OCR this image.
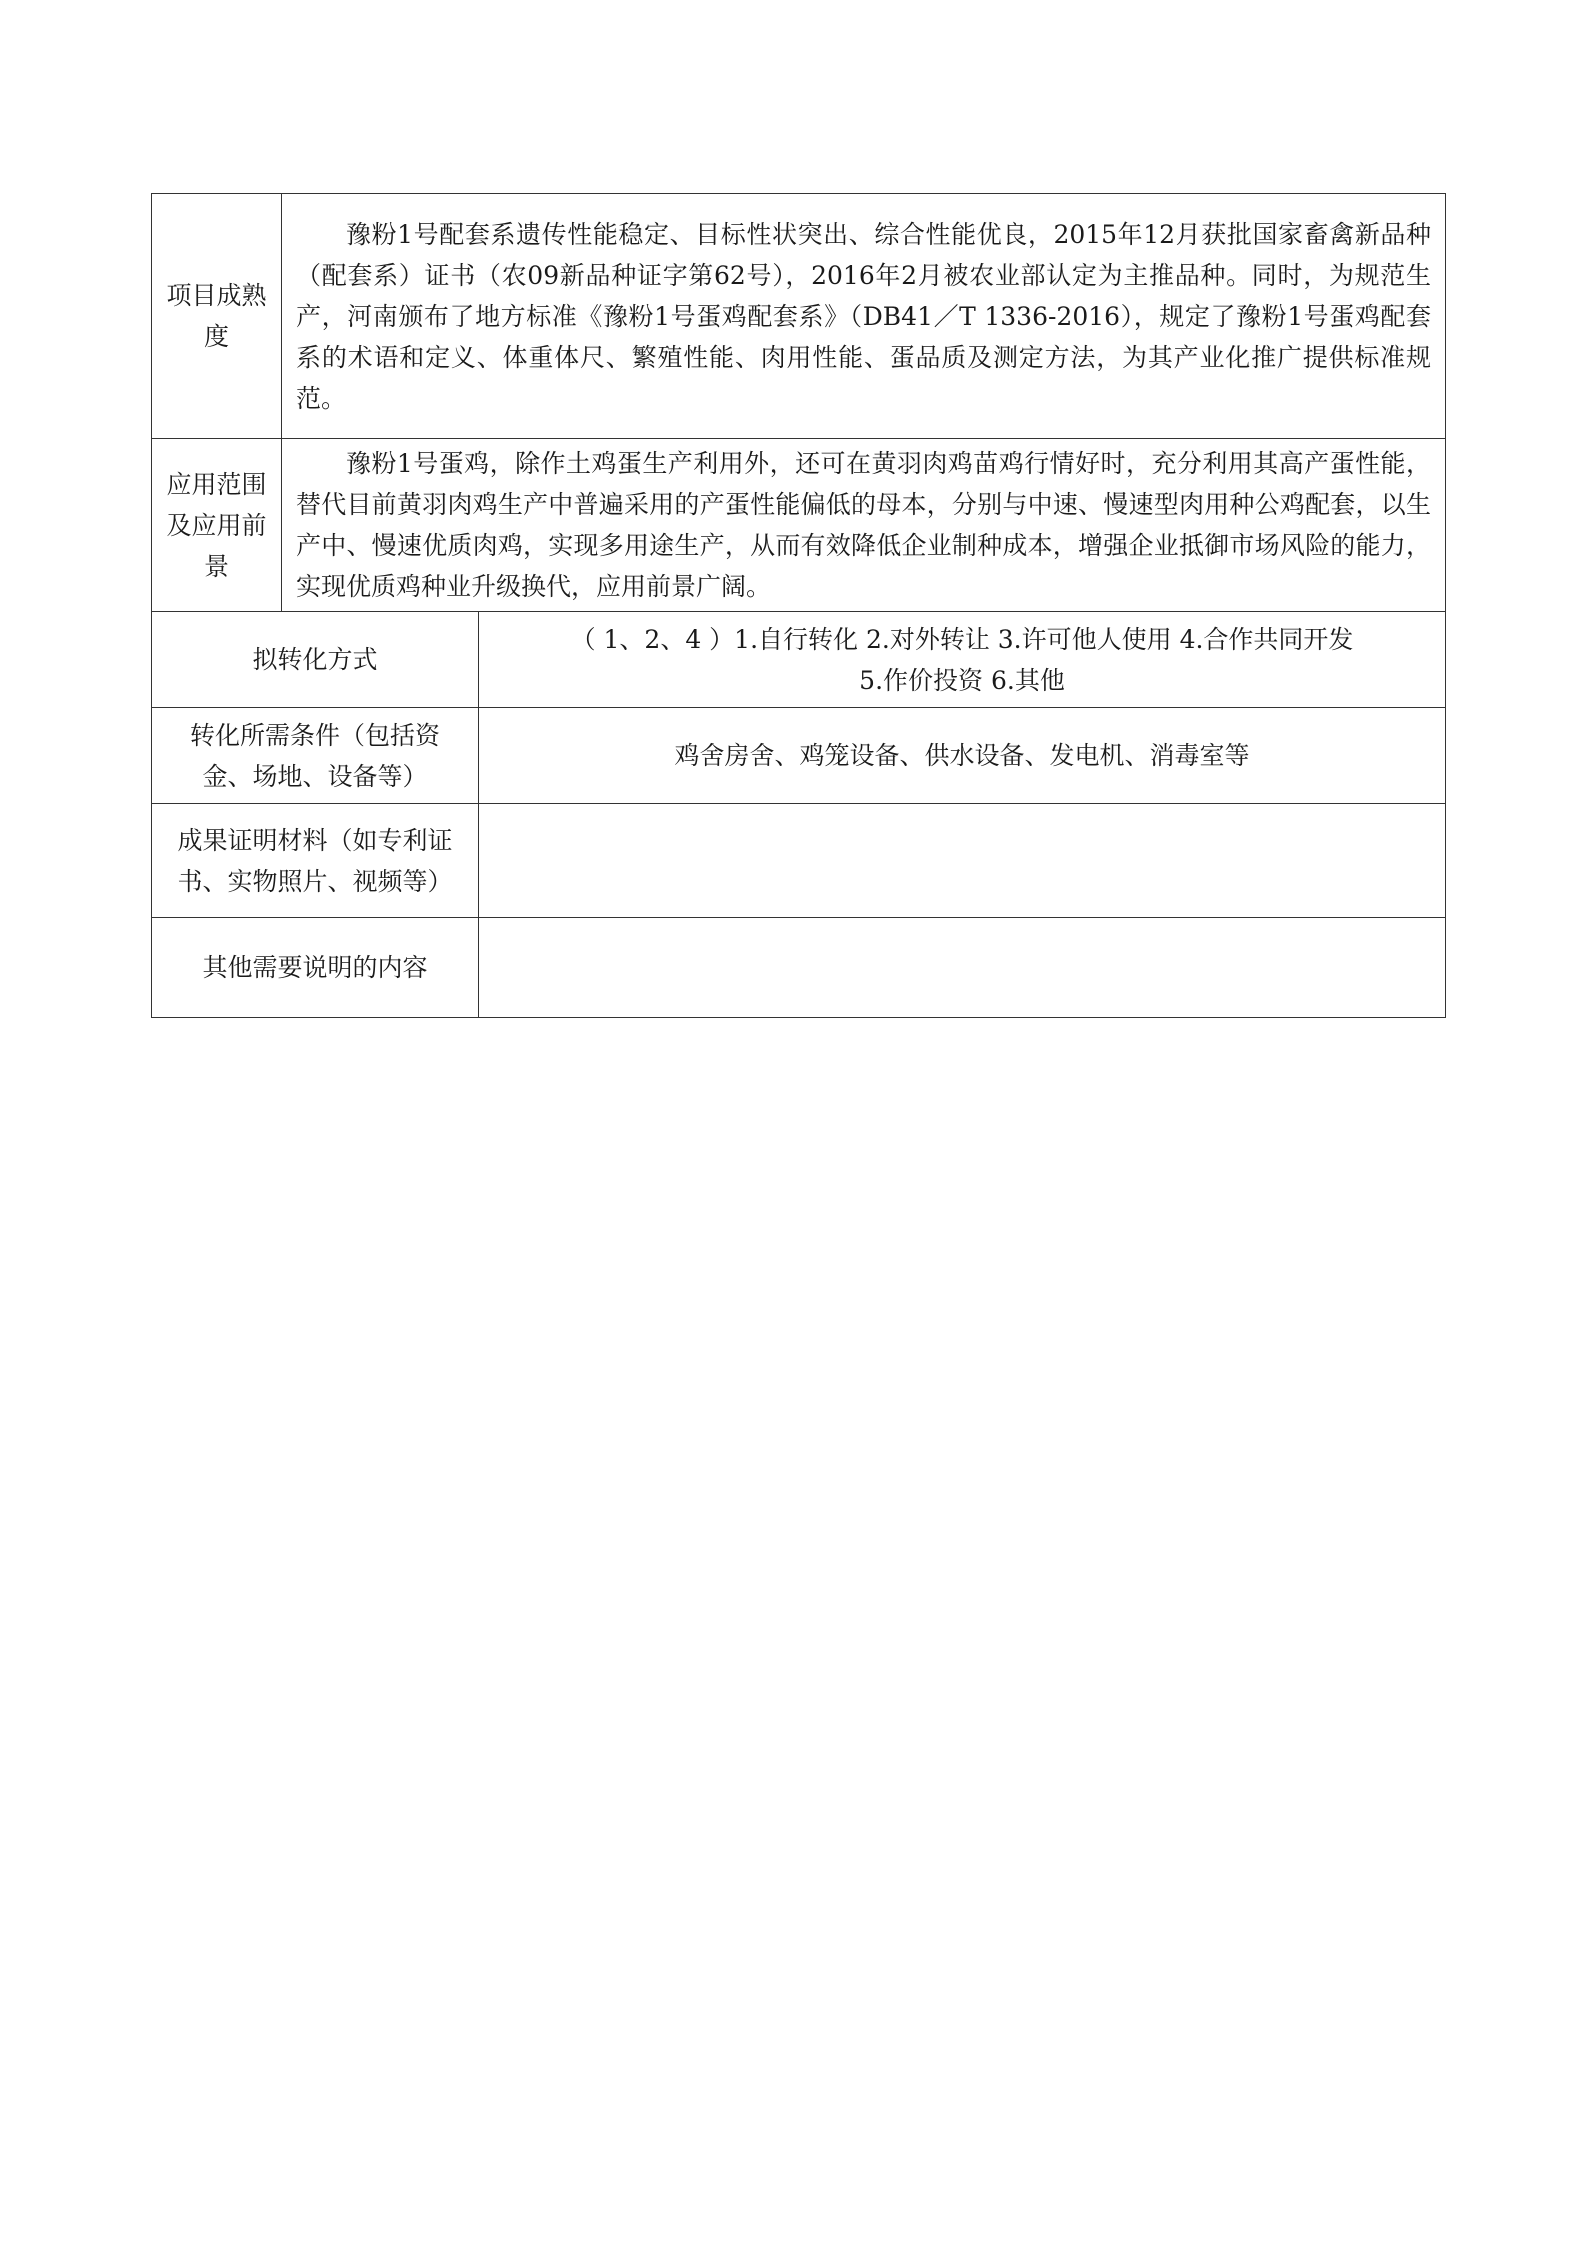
项目成熟度	豫粉1号配套系遗传性能稳定、目标性状突出、综合性能优良，2015年12月获批国家畜禽新品种（配套系）证书（农09新品种证字第62号），2016年2月被农业部认定为主推品种。同时，为规范生产，河南颁布了地方标准《豫粉1号蛋鸡配套系》（DB41／T 1336-2016），规定了豫粉1号蛋鸡配套系的术语和定义、体重体尺、繁殖性能、肉用性能、蛋品质及测定方法，为其产业化推广提供标准规范。	
应用范围及应用前景	豫粉1号蛋鸡，除作土鸡蛋生产利用外，还可在黄羽肉鸡苗鸡行情好时，充分利用其高产蛋性能，替代目前黄羽肉鸡生产中普遍采用的产蛋性能偏低的母本，分别与中速、慢速型肉用种公鸡配套，以生产中、慢速优质肉鸡，实现多用途生产，从而有效降低企业制种成本，增强企业抵御市场风险的能力，实现优质鸡种业升级换代，应用前景广阔。	
拟转化方式		（ 1、2、4 ）1.自行转化 2.对外转让 3.许可他人使用 4.合作共同开发
5.作价投资 6.其他

转化所需条件（包括资金、场地、设备等）		鸡舍房舍、鸡笼设备、供水设备、发电机、消毒室等
成果证明材料（如专利证书、实物照片、视频等）		
其他需要说明的内容		
